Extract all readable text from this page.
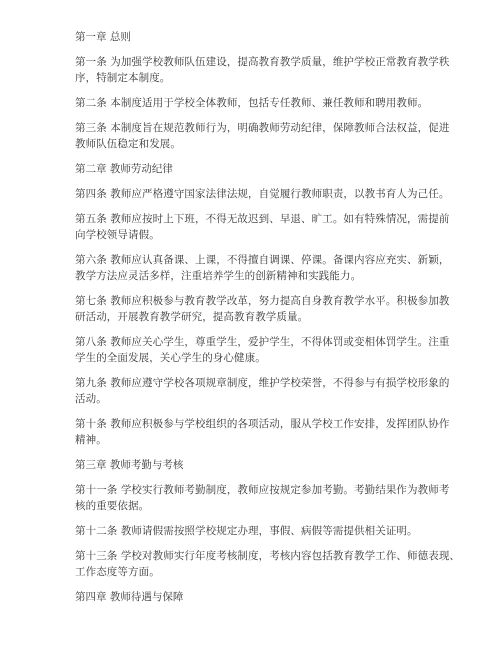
第一章 总则
第一条 为加强学校教师队伍建设，提高教育教学质量，维护学校正常教育教学秩
序，特制定本制度。
第二条 本制度适用于学校全体教师，包括专任教师、兼任教师和聘用教师。
第三条 本制度旨在规范教师行为，明确教师劳动纪律，保障教师合法权益，促进
教师队伍稳定和发展。
第二章 教师劳动纪律
第四条 教师应严格遵守国家法律法规，自觉履行教师职责，以教书育人为己任。
第五条 教师应按时上下班，不得无故迟到、早退、旷工。如有特殊情况，需提前
向学校领导请假。
第六条 教师应认真备课、上课，不得擅自调课、停课。备课内容应充实、新颖，
教学方法应灵活多样，注重培养学生的创新精神和实践能力。
第七条 教师应积极参与教育教学改革，努力提高自身教育教学水平。积极参加教
研活动，开展教育教学研究，提高教育教学质量。
第八条 教师应关心学生，尊重学生，爱护学生，不得体罚或变相体罚学生。注重
学生的全面发展，关心学生的身心健康。
第九条 教师应遵守学校各项规章制度，维护学校荣誉，不得参与有损学校形象的
活动。
第十条 教师应积极参与学校组织的各项活动，服从学校工作安排，发挥团队协作
精神。
第三章 教师考勤与考核
第十一条 学校实行教师考勤制度，教师应按规定参加考勤。考勤结果作为教师考
核的重要依据。
第十二条 教师请假需按照学校规定办理，事假、病假等需提供相关证明。
第十三条 学校对教师实行年度考核制度，考核内容包括教育教学工作、师德表现、
工作态度等方面。
第四章 教师待遇与保障
